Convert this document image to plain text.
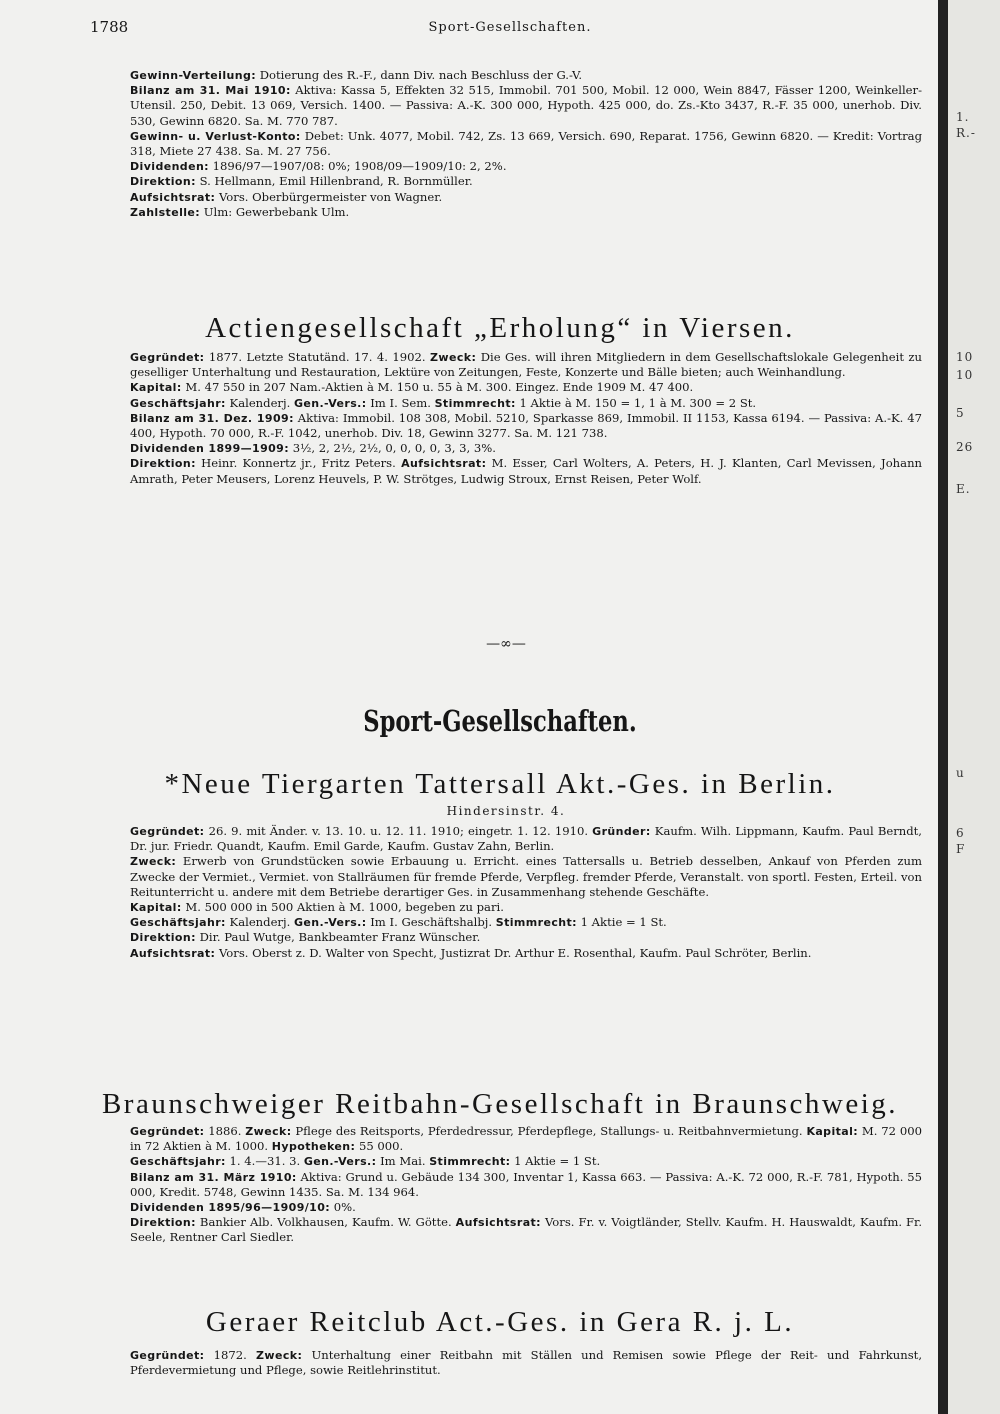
1788	Sport-Gesellschaften.

Gewinn-Verteilung: Dotierung des R.-F., dann Div. nach Beschluss der G.-V.

Bilanz am 31. Mai 1910: Aktiva: Kassa 5, Effekten 32 515, Immobil. 701 500, Mobil. 12 000, Wein 8847, Fässer 1200, Weinkeller-Utensil. 250, Debit. 13 069, Versich. 1400. — Passiva: A.-K. 300 000, Hypoth. 425 000, do. Zs.-Kto 3437, R.-F. 35 000, unerhob. Div. 530, Gewinn 6820. Sa. M. 770 787.

Gewinn- u. Verlust-Konto: Debet: Unk. 4077, Mobil. 742, Zs. 13 669, Versich. 690, Reparat. 1756, Gewinn 6820. — Kredit: Vortrag 318, Miete 27 438. Sa. M. 27 756.

Dividenden: 1896/97—1907/08: 0%; 1908/09—1909/10: 2, 2%.

Direktion: S. Hellmann, Emil Hillenbrand, R. Bornmüller.

Aufsichtsrat: Vors. Oberbürgermeister von Wagner.

Zahlstelle: Ulm: Gewerbebank Ulm.

Actiengesellschaft „Erholung“ in Viersen.

Gegründet: 1877. Letzte Statutänd. 17. 4. 1902. Zweck: Die Ges. will ihren Mitgliedern in dem Gesellschaftslokale Gelegenheit zu geselliger Unterhaltung und Restauration, Lektüre von Zeitungen, Feste, Konzerte und Bälle bieten; auch Weinhandlung.

Kapital: M. 47 550 in 207 Nam.-Aktien à M. 150 u. 55 à M. 300. Eingez. Ende 1909 M. 47 400.

Geschäftsjahr: Kalenderj. Gen.-Vers.: Im I. Sem. Stimmrecht: 1 Aktie à M. 150 = 1, 1 à M. 300 = 2 St.

Bilanz am 31. Dez. 1909: Aktiva: Immobil. 108 308, Mobil. 5210, Sparkasse 869, Immobil. II 1153, Kassa 6194. — Passiva: A.-K. 47 400, Hypoth. 70 000, R.-F. 1042, unerhob. Div. 18, Gewinn 3277. Sa. M. 121 738.

Dividenden 1899—1909: 3½, 2, 2½, 2½, 0, 0, 0, 0, 3, 3, 3%.

Direktion: Heinr. Konnertz jr., Fritz Peters. Aufsichtsrat: M. Esser, Carl Wolters, A. Peters, H. J. Klanten, Carl Mevissen, Johann Amrath, Peter Meusers, Lorenz Heuvels, P. W. Strötges, Ludwig Stroux, Ernst Reisen, Peter Wolf.

—∞—
Sport-Gesellschaften.
*Neue Tiergarten Tattersall Akt.-Ges. in Berlin.
Hindersinstr. 4.

Gegründet: 26. 9. mit Änder. v. 13. 10. u. 12. 11. 1910; eingetr. 1. 12. 1910. Gründer: Kaufm. Wilh. Lippmann, Kaufm. Paul Berndt, Dr. jur. Friedr. Quandt, Kaufm. Emil Garde, Kaufm. Gustav Zahn, Berlin.

Zweck: Erwerb von Grundstücken sowie Erbauung u. Erricht. eines Tattersalls u. Betrieb desselben, Ankauf von Pferden zum Zwecke der Vermiet., Vermiet. von Stallräumen für fremde Pferde, Verpfleg. fremder Pferde, Veranstalt. von sportl. Festen, Erteil. von Reitunterricht u. andere mit dem Betriebe derartiger Ges. in Zusammenhang stehende Geschäfte.

Kapital: M. 500 000 in 500 Aktien à M. 1000, begeben zu pari.

Geschäftsjahr: Kalenderj. Gen.-Vers.: Im I. Geschäftshalbj. Stimmrecht: 1 Aktie = 1 St.

Direktion: Dir. Paul Wutge, Bankbeamter Franz Wünscher.

Aufsichtsrat: Vors. Oberst z. D. Walter von Specht, Justizrat Dr. Arthur E. Rosenthal, Kaufm. Paul Schröter, Berlin.

Braunschweiger Reitbahn-Gesellschaft in Braunschweig.

Gegründet: 1886. Zweck: Pflege des Reitsports, Pferdedressur, Pferdepflege, Stallungs- u. Reitbahnvermietung. Kapital: M. 72 000 in 72 Aktien à M. 1000. Hypotheken: 55 000.

Geschäftsjahr: 1. 4.—31. 3. Gen.-Vers.: Im Mai. Stimmrecht: 1 Aktie = 1 St.

Bilanz am 31. März 1910: Aktiva: Grund u. Gebäude 134 300, Inventar 1, Kassa 663. — Passiva: A.-K. 72 000, R.-F. 781, Hypoth. 55 000, Kredit. 5748, Gewinn 1435. Sa. M. 134 964.

Dividenden 1895/96—1909/10: 0%.

Direktion: Bankier Alb. Volkhausen, Kaufm. W. Götte. Aufsichtsrat: Vors. Fr. v. Voigtländer, Stellv. Kaufm. H. Hauswaldt, Kaufm. Fr. Seele, Rentner Carl Siedler.

Geraer Reitclub Act.-Ges. in Gera R. j. L.

Gegründet: 1872. Zweck: Unterhaltung einer Reitbahn mit Ställen und Remisen sowie Pflege der Reit- und Fahrkunst, Pferdevermietung und Pflege, sowie Reitlehrinstitut.

1.
R.-
10
10
5
26
E.
u
6
F
